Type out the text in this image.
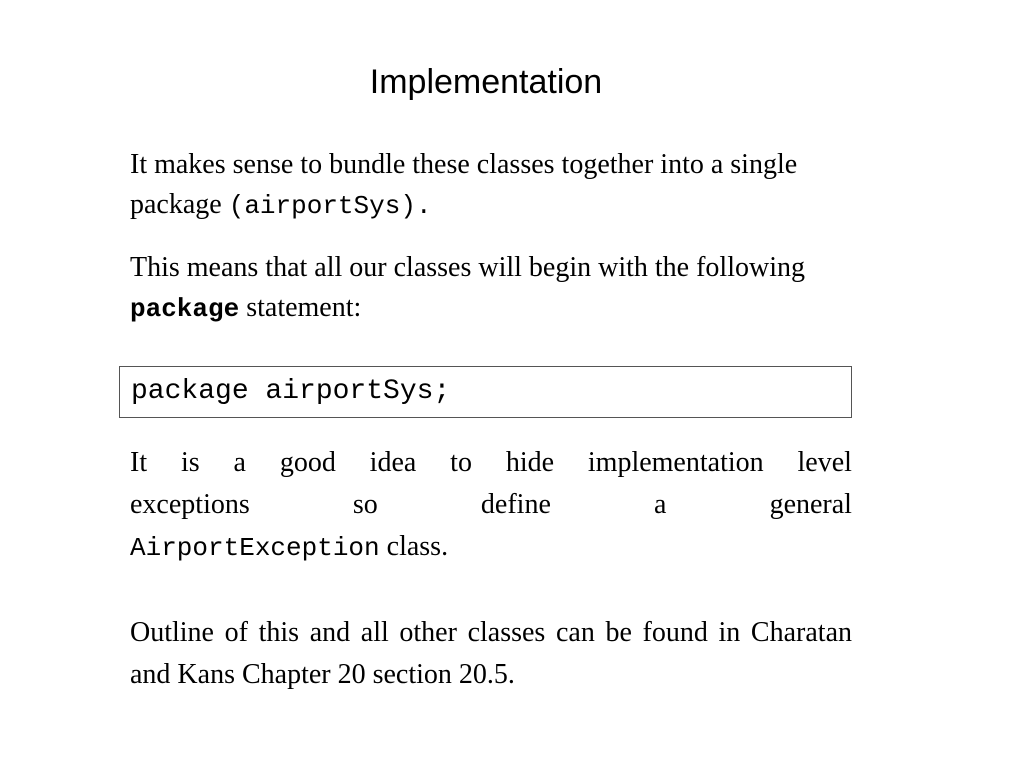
Implementation
It makes sense to bundle these classes together into a single package (airportSys).
This means that all our classes will begin with the following package statement:
package airportSys;
It is a good idea to hide implementation level
exceptions	so	define	a	general
AirportException class.
Outline of this and all other classes can be found in Charatan and Kans Chapter 20 section 20.5.
